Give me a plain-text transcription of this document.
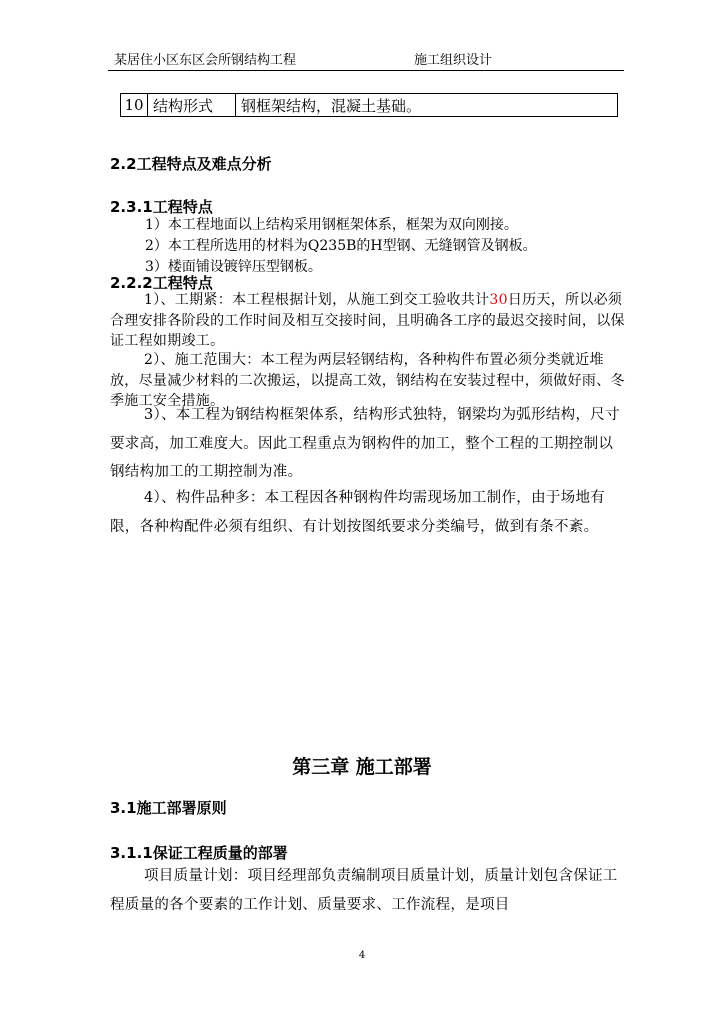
某居住小区东区会所钢结构工程	施工组织设计
10	结构形式	钢框架结构，混凝土基础。
2.2工程特点及难点分析
2.3.1工程特点
1）本工程地面以上结构采用钢框架体系，框架为双向刚接。
2）本工程所选用的材料为Q235B的H型钢、无缝钢管及钢板。
3）楼面铺设镀锌压型钢板。
2.2.2工程特点
1）、工期紧：本工程根据计划，从施工到交工验收共计30日历天，所以必须合理安排各阶段的工作时间及相互交接时间，且明确各工序的最迟交接时间，以保证工程如期竣工。
2）、施工范围大：本工程为两层轻钢结构，各种构件布置必须分类就近堆放，尽量减少材料的二次搬运，以提高工效，钢结构在安装过程中，须做好雨、冬季施工安全措施。
3）、本工程为钢结构框架体系，结构形式独特，钢梁均为弧形结构，尺寸要求高，加工难度大。因此工程重点为钢构件的加工，整个工程的工期控制以钢结构加工的工期控制为准。
4）、构件品种多：本工程因各种钢构件均需现场加工制作，由于场地有限，各种构配件必须有组织、有计划按图纸要求分类编号，做到有条不紊。
第三章 施工部署
3.1施工部署原则
3.1.1保证工程质量的部署
项目质量计划：项目经理部负责编制项目质量计划，质量计划包含保证工程质量的各个要素的工作计划、质量要求、工作流程，是项目
4
